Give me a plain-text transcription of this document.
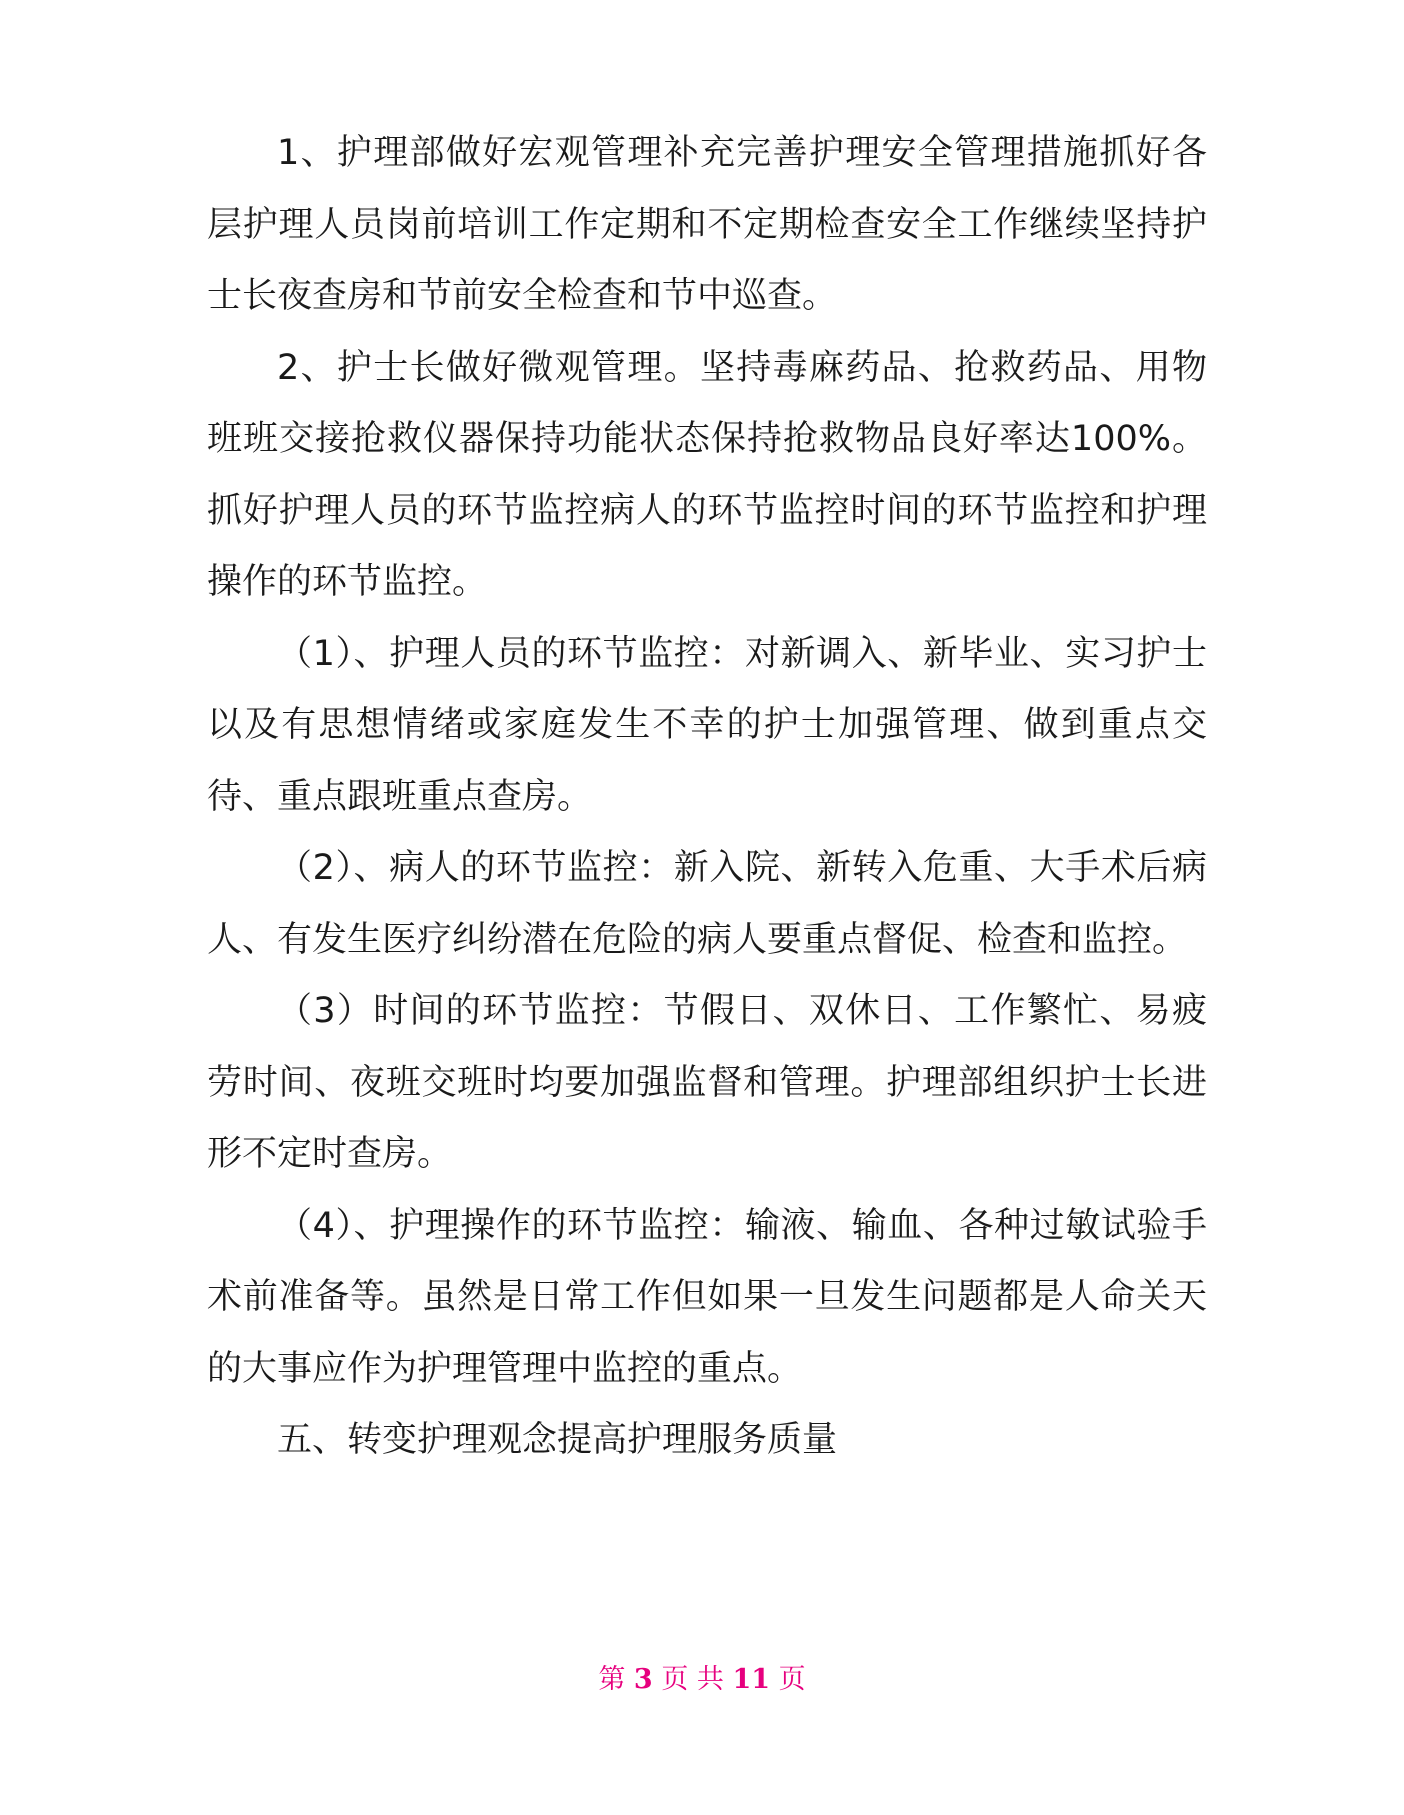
1、护理部做好宏观管理补充完善护理安全管理措施抓好各层护理人员岗前培训工作定期和不定期检查安全工作继续坚持护士长夜查房和节前安全检查和节中巡查。

2、护士长做好微观管理。坚持毒麻药品、抢救药品、用物班班交接抢救仪器保持功能状态保持抢救物品良好率达100%。抓好护理人员的环节监控病人的环节监控时间的环节监控和护理操作的环节监控。

（1）、护理人员的环节监控：对新调入、新毕业、实习护士以及有思想情绪或家庭发生不幸的护士加强管理、做到重点交待、重点跟班重点查房。

（2）、病人的环节监控：新入院、新转入危重、大手术后病人、有发生医疗纠纷潜在危险的病人要重点督促、检查和监控。

（3）时间的环节监控：节假日、双休日、工作繁忙、易疲劳时间、夜班交班时均要加强监督和管理。护理部组织护士长进形不定时查房。

（4）、护理操作的环节监控：输液、输血、各种过敏试验手术前准备等。虽然是日常工作但如果一旦发生问题都是人命关天的大事应作为护理管理中监控的重点。

五、转变护理观念提高护理服务质量

第 3 页 共 11 页
